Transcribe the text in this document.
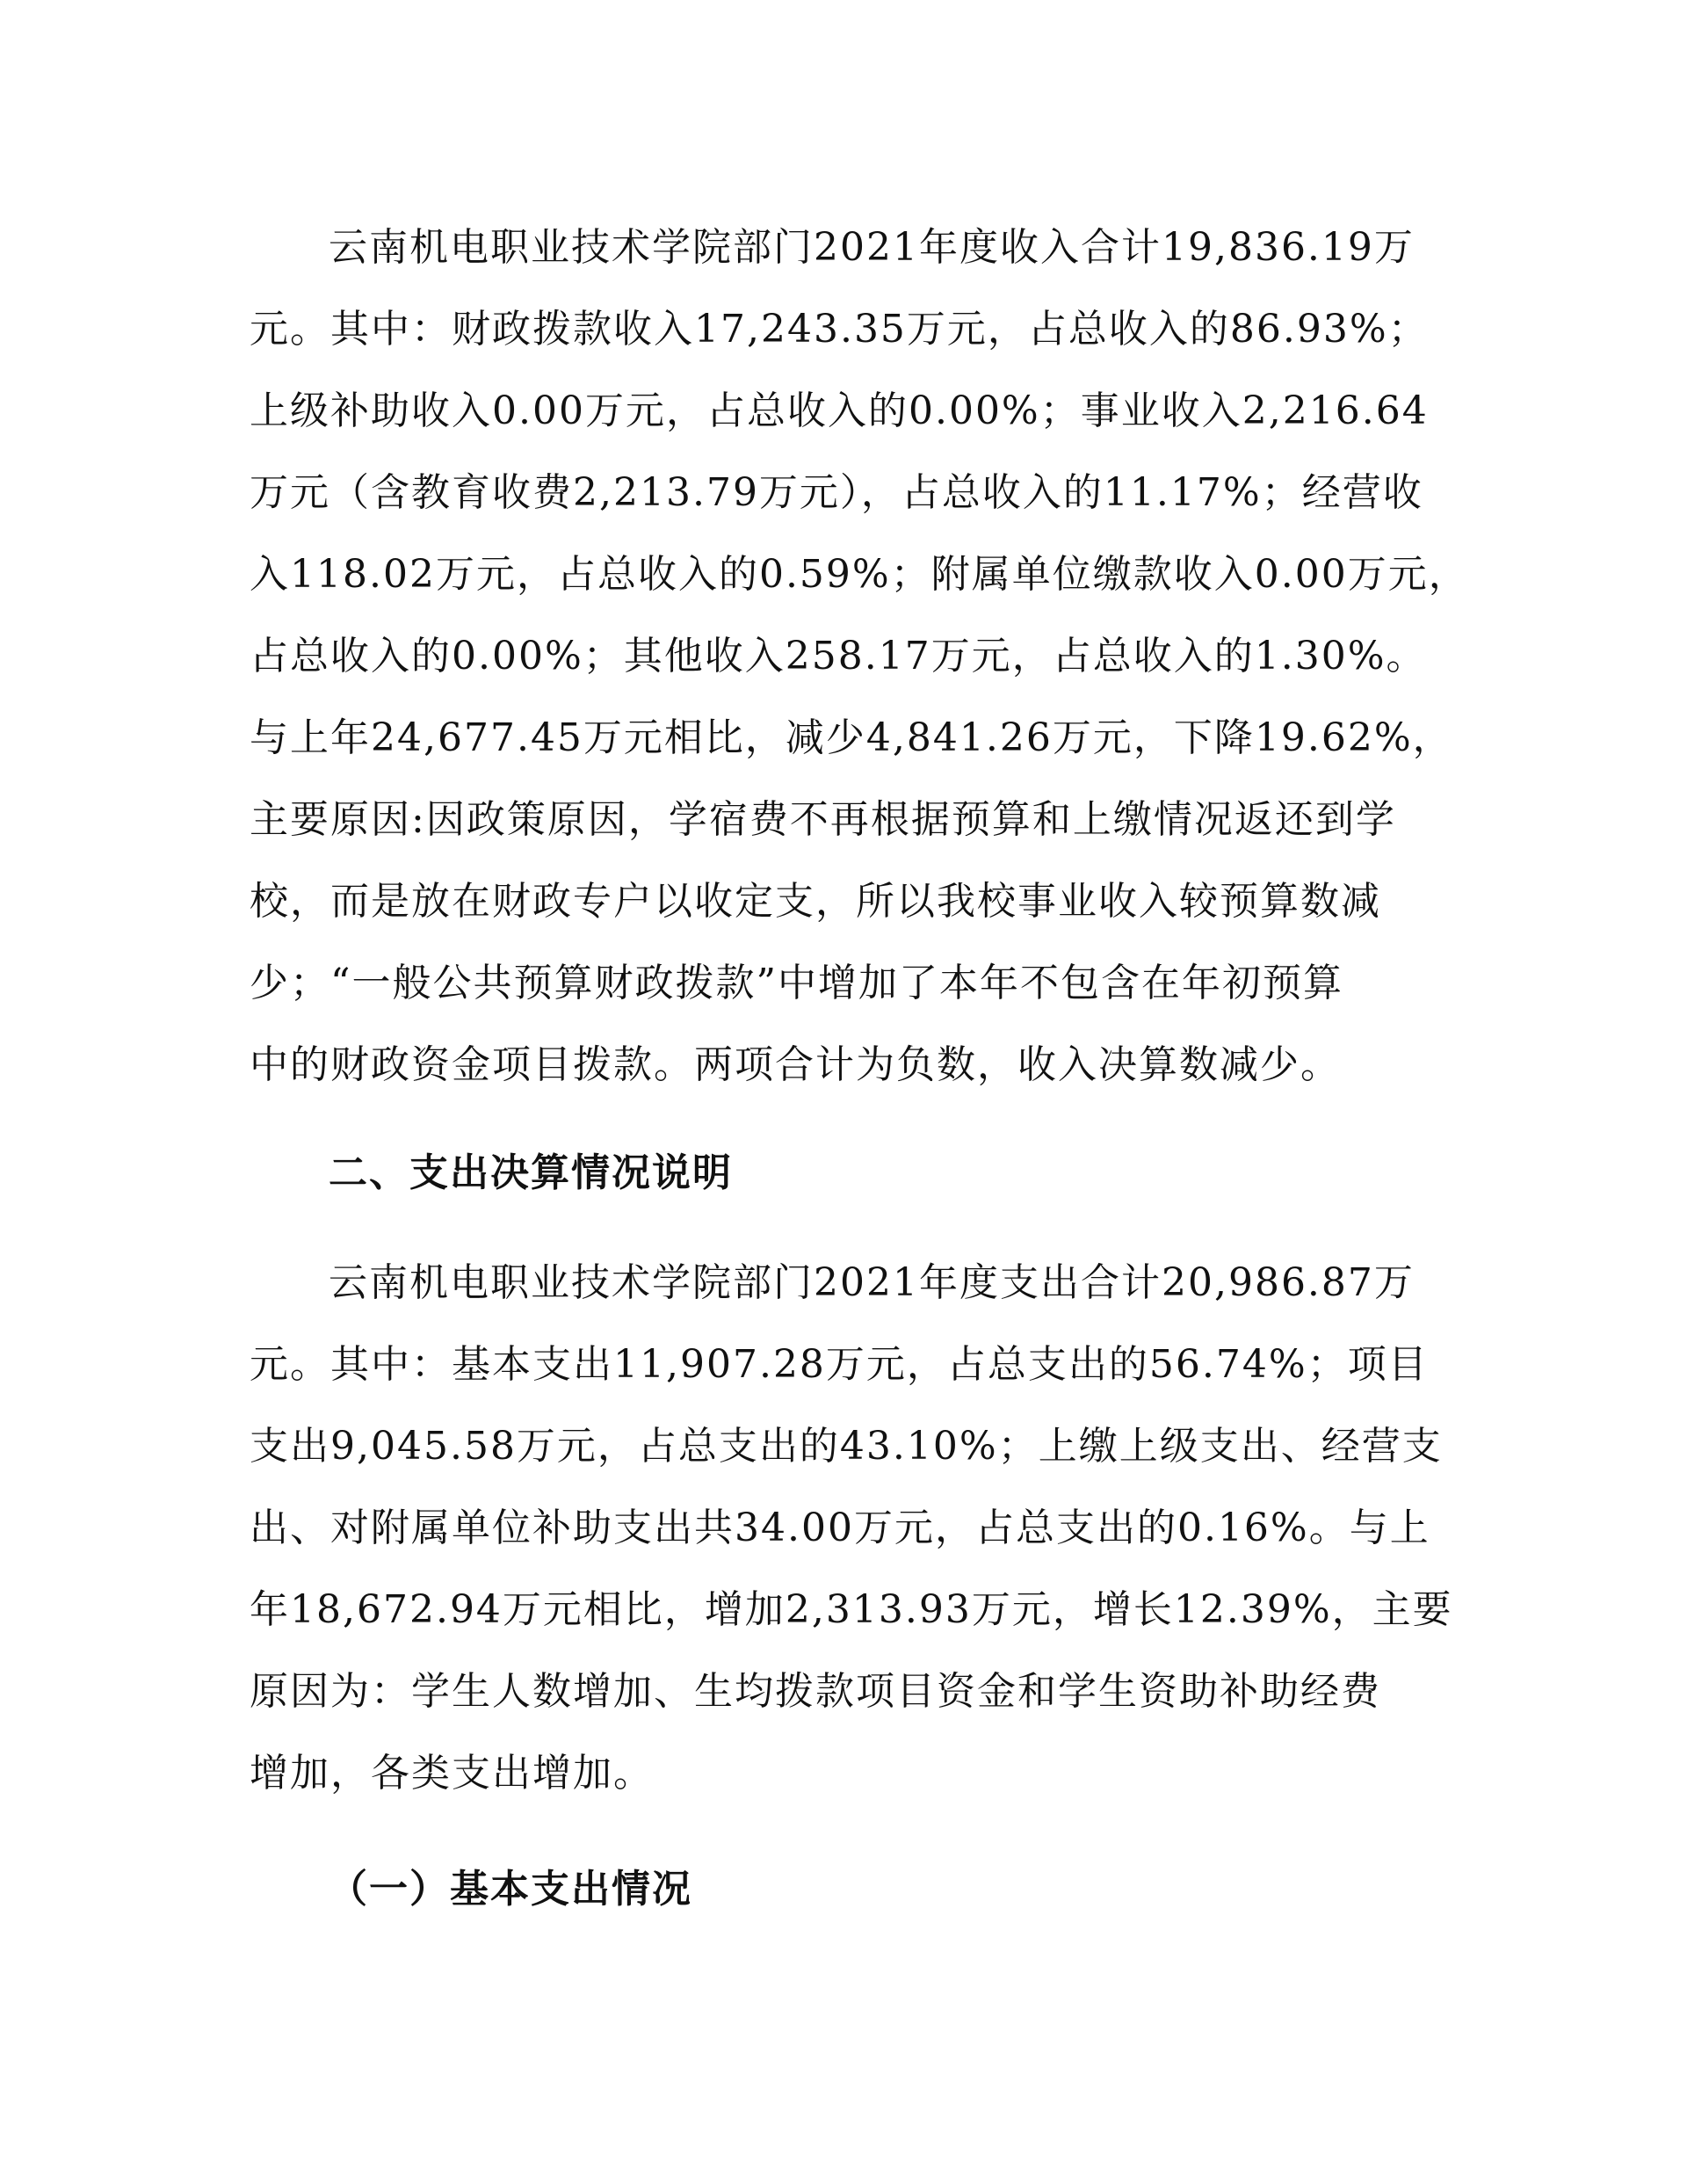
云南机电职业技术学院部门2021年度收入合计19,836.19万
元。其中：财政拨款收入17,243.35万元，占总收入的86.93%；
上级补助收入0.00万元，占总收入的0.00%；事业收入2,216.64
万元（含教育收费2,213.79万元），占总收入的11.17%；经营收
入118.02万元，占总收入的0.59%；附属单位缴款收入0.00万元，
占总收入的0.00%；其他收入258.17万元，占总收入的1.30%。
与上年24,677.45万元相比，减少4,841.26万元，下降19.62%，
主要原因:因政策原因，学宿费不再根据预算和上缴情况返还到学
校，而是放在财政专户以收定支，所以我校事业收入较预算数减
少；“一般公共预算财政拨款”中增加了本年不包含在年初预算
中的财政资金项目拨款。两项合计为负数，收入决算数减少。
二、支出决算情况说明
云南机电职业技术学院部门2021年度支出合计20,986.87万
元。其中：基本支出11,907.28万元，占总支出的56.74%；项目
支出9,045.58万元，占总支出的43.10%；上缴上级支出、经营支
出、对附属单位补助支出共34.00万元，占总支出的0.16%。与上
年18,672.94万元相比，增加2,313.93万元，增长12.39%，主要
原因为：学生人数增加、生均拨款项目资金和学生资助补助经费
增加，各类支出增加。
（一）基本支出情况
